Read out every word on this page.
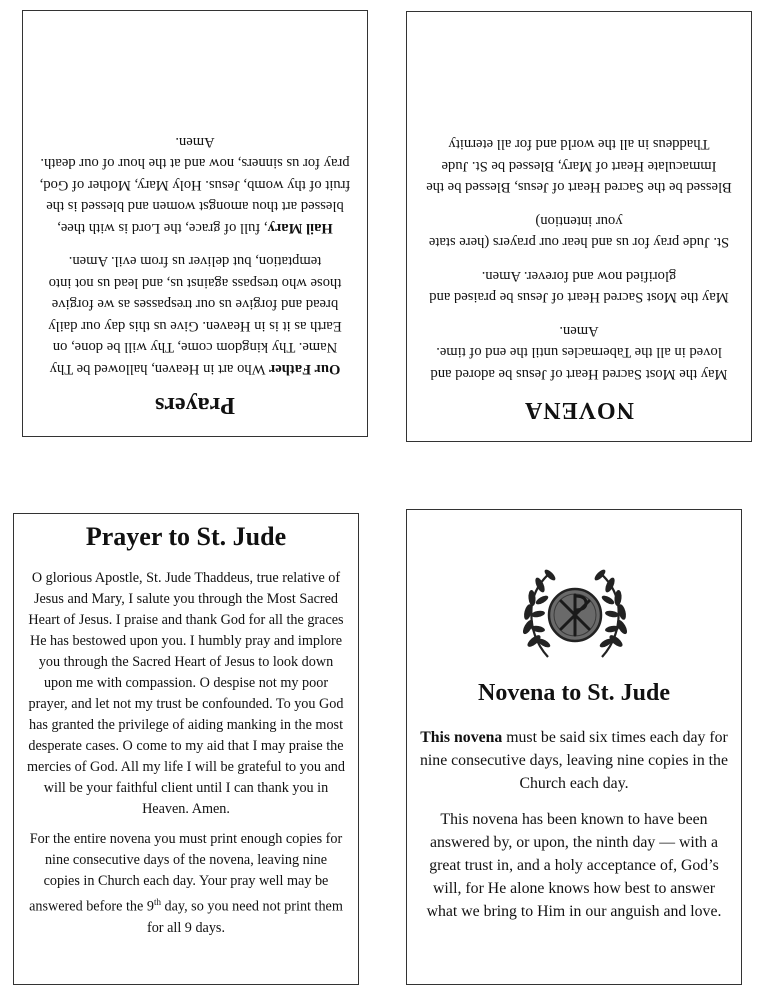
Prayers

Our Father Who art in Heaven, hallowed be Thy Name. Thy kingdom come, Thy will be done, on Earth as it is in Heaven. Give us this day our daily bread and forgive us our trespasses as we forgive those who trespass against us, and lead us not into temptation, but deliver us from evil. Amen.

Hail Mary, full of grace, the Lord is with thee, blessed art thou amongst women and blessed is the fruit of thy womb, Jesus. Holy Mary, Mother of God, pray for us sinners, now and at the hour of our death. Amen.

NOVENA

May the Most Sacred Heart of Jesus be adored and loved in all the Tabernacles until the end of time. Amen.

May the Most Sacred Heart of Jesus be praised and glorified now and forever. Amen.

St. Jude pray for us and hear our prayers (here state your intention)

Blessed be the Sacred Heart of Jesus, Blessed be the Immaculate Heart of Mary, Blessed be St. Jude Thaddeus in all the world and for all eternity

Prayer to St. Jude

O glorious Apostle, St. Jude Thaddeus, true relative of Jesus and Mary, I salute you through the Most Sacred Heart of Jesus. I praise and thank God for all the graces He has bestowed upon you. I humbly pray and implore you through the Sacred Heart of Jesus to look down upon me with compassion. O despise not my poor prayer, and let not my trust be confounded. To you God has granted the privilege of aiding manking in the most desperate cases. O come to my aid that I may praise the mercies of God. All my life I will be grateful to you and will be your faithful client until I can thank you in Heaven. Amen.

For the entire novena you must print enough copies for nine consecutive days of the novena, leaving nine copies in Church each day. Your pray well may be answered before the 9th day, so you need not print them for all 9 days.

Novena to St. Jude

This novena must be said six times each day for nine consecutive days, leaving nine copies in the Church each day.

This novena has been known to have been answered by, or upon, the ninth day — with a great trust in, and a holy acceptance of, God’s will, for He alone knows how best to answer what we bring to Him in our anguish and love.
